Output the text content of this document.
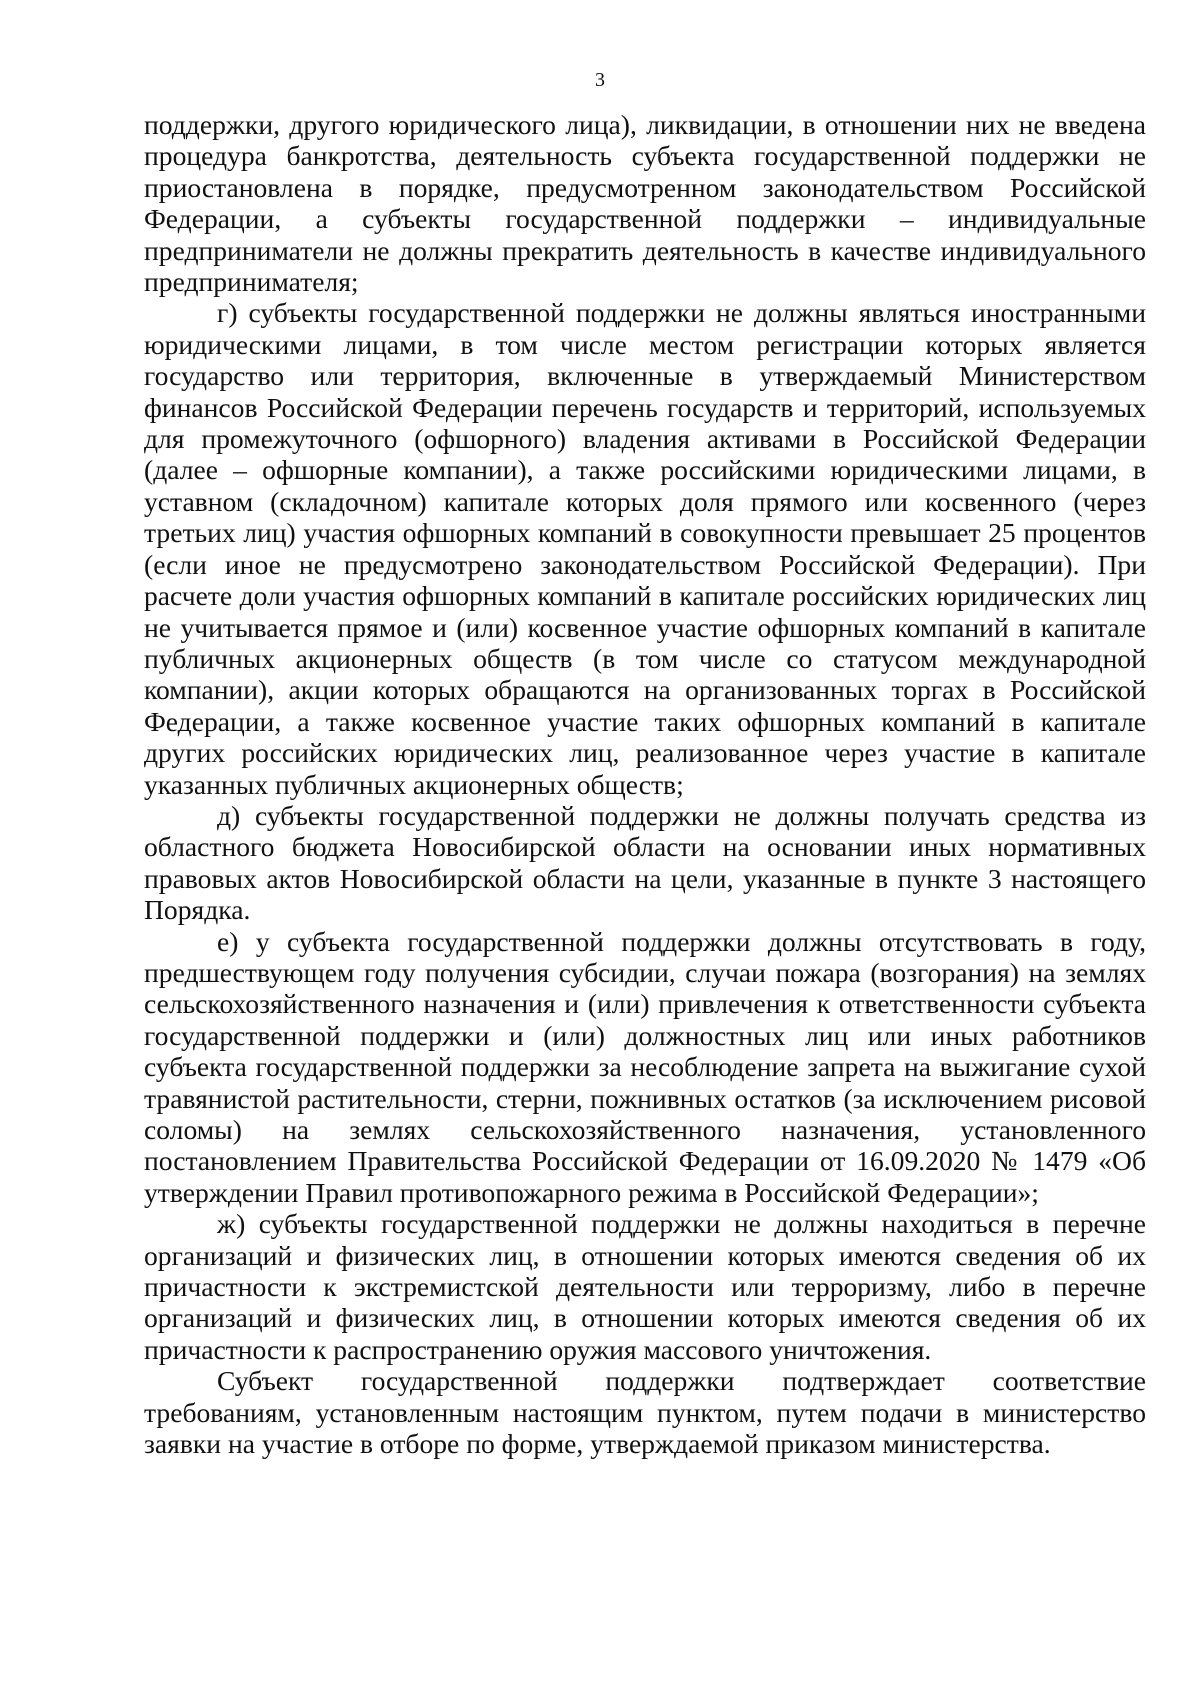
3

поддержки, другого юридического лица), ликвидации, в отношении них не введена процедура банкротства, деятельность субъекта государственной поддержки не приостановлена в порядке, предусмотренном законодательством Российской Федерации, а субъекты государственной поддержки – индивидуальные предприниматели не должны прекратить деятельность в качестве индивидуального предпринимателя;

г) субъекты государственной поддержки не должны являться иностранными юридическими лицами, в том числе местом регистрации которых является государство или территория, включенные в утверждаемый Министерством финансов Российской Федерации перечень государств и территорий, используемых для промежуточного (офшорного) владения активами в Российской Федерации (далее – офшорные компании), а также российскими юридическими лицами, в уставном (складочном) капитале которых доля прямого или косвенного (через третьих лиц) участия офшорных компаний в совокупности превышает 25 процентов (если иное не предусмотрено законодательством Российской Федерации). При расчете доли участия офшорных компаний в капитале российских юридических лиц не учитывается прямое и (или) косвенное участие офшорных компаний в капитале публичных акционерных обществ (в том числе со статусом международной компании), акции которых обращаются на организованных торгах в Российской Федерации, а также косвенное участие таких офшорных компаний в капитале других российских юридических лиц, реализованное через участие в капитале указанных публичных акционерных обществ;

д) субъекты государственной поддержки не должны получать средства из областного бюджета Новосибирской области на основании иных нормативных правовых актов Новосибирской области на цели, указанные в пункте 3 настоящего Порядка.

е) у субъекта государственной поддержки должны отсутствовать в году, предшествующем году получения субсидии, случаи пожара (возгорания) на землях сельскохозяйственного назначения и (или) привлечения к ответственности субъекта государственной поддержки и (или) должностных лиц или иных работников субъекта государственной поддержки за несоблюдение запрета на выжигание сухой травянистой растительности, стерни, пожнивных остатков (за исключением рисовой соломы) на землях сельскохозяйственного назначения, установленного постановлением Правительства Российской Федерации от 16.09.2020 № 1479 «Об утверждении Правил противопожарного режима в Российской Федерации»;

ж) субъекты государственной поддержки не должны находиться в перечне организаций и физических лиц, в отношении которых имеются сведения об их причастности к экстремистской деятельности или терроризму, либо в перечне организаций и физических лиц, в отношении которых имеются сведения об их причастности к распространению оружия массового уничтожения.

Субъект государственной поддержки подтверждает соответствие требованиям, установленным настоящим пунктом, путем подачи в министерство заявки на участие в отборе по форме, утверждаемой приказом министерства.
